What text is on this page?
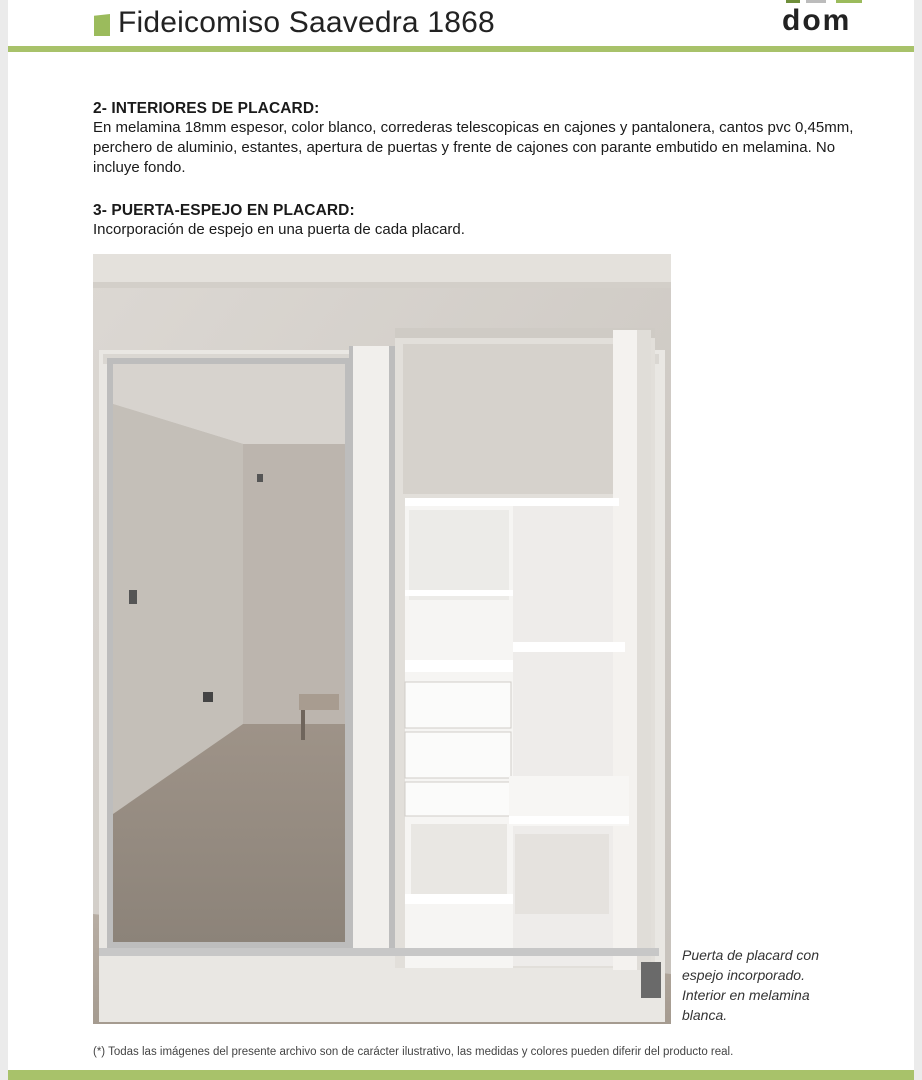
Fideicomiso Saavedra 1868	dom
2- INTERIORES DE PLACARD:

En melamina 18mm espesor, color blanco, correderas telescopicas en cajones y pantalonera, cantos pvc 0,45mm, perchero de aluminio, estantes, apertura de puertas y frente de cajones con parante embutido en melamina. No incluye fondo.

3- PUERTA-ESPEJO EN PLACARD:

Incorporación de espejo en una puerta de cada placard.

Puerta de placard con espejo incorporado. Interior en melamina blanca.
(*) Todas las imágenes del presente archivo son de carácter ilustrativo, las medidas y colores pueden diferir del producto real.
